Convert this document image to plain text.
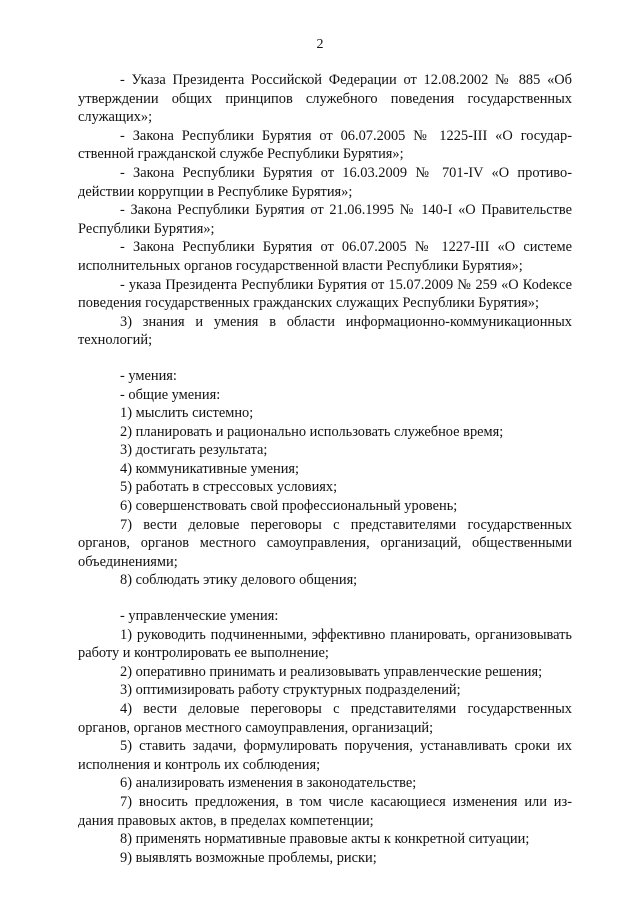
2

- Указа Президента Российской Федерации от 12.08.2002 № 885 «Об утверждении общих принципов служебного поведения государственных служащих»;

- Закона Республики Бурятия от 06.07.2005 № 1225-III «О государственной гражданской службе Республики Бурятия»;

- Закона Республики Бурятия от 16.03.2009 № 701-IV «О противодействии коррупции в Республике Бурятия»;

- Закона Республики Бурятия от 21.06.1995 № 140-I «О Правительстве Республики Бурятия»;

- Закона Республики Бурятия от 06.07.2005 № 1227-III «О системе исполнительных органов государственной власти Республики Бурятия»;

- указа Президента Республики Бурятия от 15.07.2009 № 259 «О Коdексе поведения государственных гражданских служащих Республики Бурятия»;

3) знания и умения в области информационно-коммуникационных технологий;

- умения:

- общие умения:

1) мыслить системно;

2) планировать и рационально использовать служебное время;

3) достигать результата;

4) коммуникативные умения;

5) работать в стрессовых условиях;

6) совершенствовать свой профессиональный уровень;

7) вести деловые переговоры с представителями государственных органов, органов местного самоуправления, организаций, общественными объединениями;

8) соблюдать этику делового общения;

- управленческие умения:

1) руководить подчиненными, эффективно планировать, организовывать работу и контролировать ее выполнение;

2) оперативно принимать и реализовывать управленческие решения;

3) оптимизировать работу структурных подразделений;

4) вести деловые переговоры с представителями государственных органов, органов местного самоуправления, организаций;

5) ставить задачи, формулировать поручения, устанавливать сроки их исполнения и контроль их соблюдения;

6) анализировать изменения в законодательстве;

7) вносить предложения, в том числе касающиеся изменения или издания правовых актов, в пределах компетенции;

8) применять нормативные правовые акты к конкретной ситуации;

9) выявлять возможные проблемы, риски;
